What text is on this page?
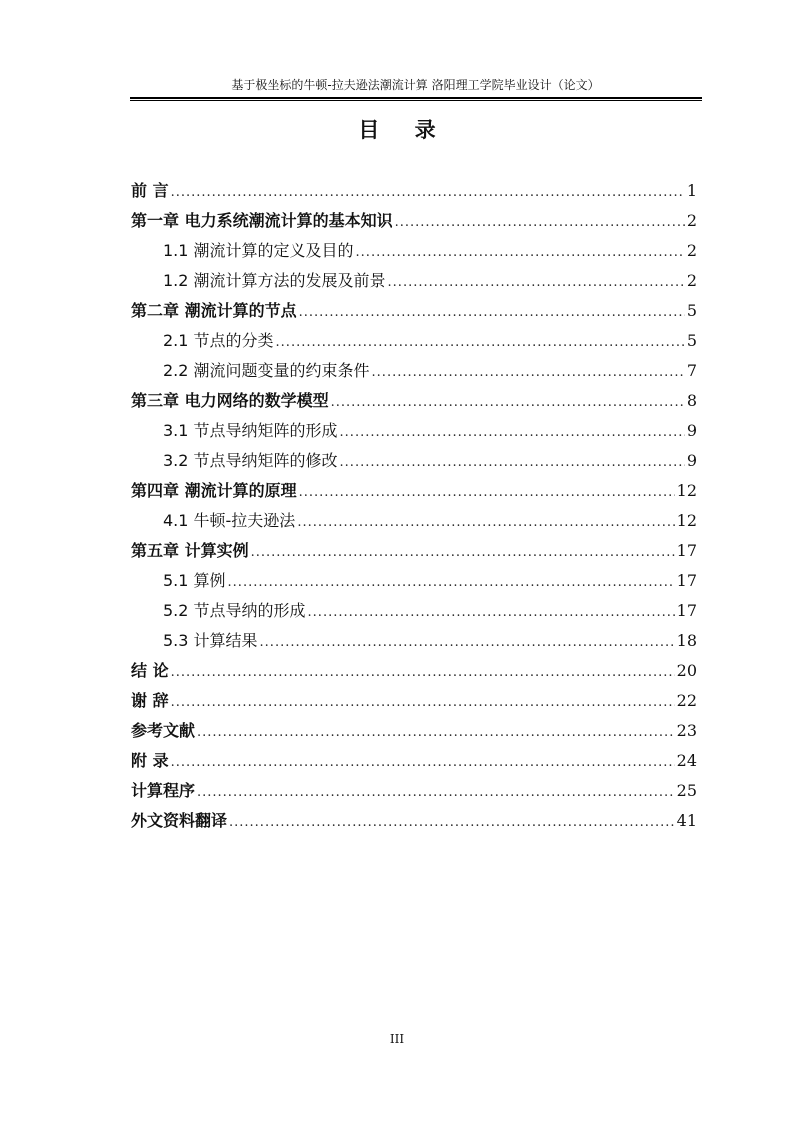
基于极坐标的牛顿-拉夫逊法潮流计算 洛阳理工学院毕业设计（论文）
目 录
前 言 .....	1
第一章 电力系统潮流计算的基本知识 .....	2
1.1 潮流计算的定义及目的 .....	2
1.2 潮流计算方法的发展及前景 .....	2
第二章 潮流计算的节点 .....	5
2.1 节点的分类 .....	5
2.2 潮流问题变量的约束条件 .....	7
第三章 电力网络的数学模型 .....	8
3.1 节点导纳矩阵的形成 .....	9
3.2 节点导纳矩阵的修改 .....	9
第四章 潮流计算的原理 .....	12
4.1 牛顿-拉夫逊法 .....	12
第五章 计算实例 .....	17
5.1 算例 .....	17
5.2 节点导纳的形成 .....	17
5.3 计算结果 .....	18
结 论 .....	20
谢 辞 .....	22
参考文献 .....	23
附 录 .....	24
计算程序 .....	25
外文资料翻译 .....	41
III
